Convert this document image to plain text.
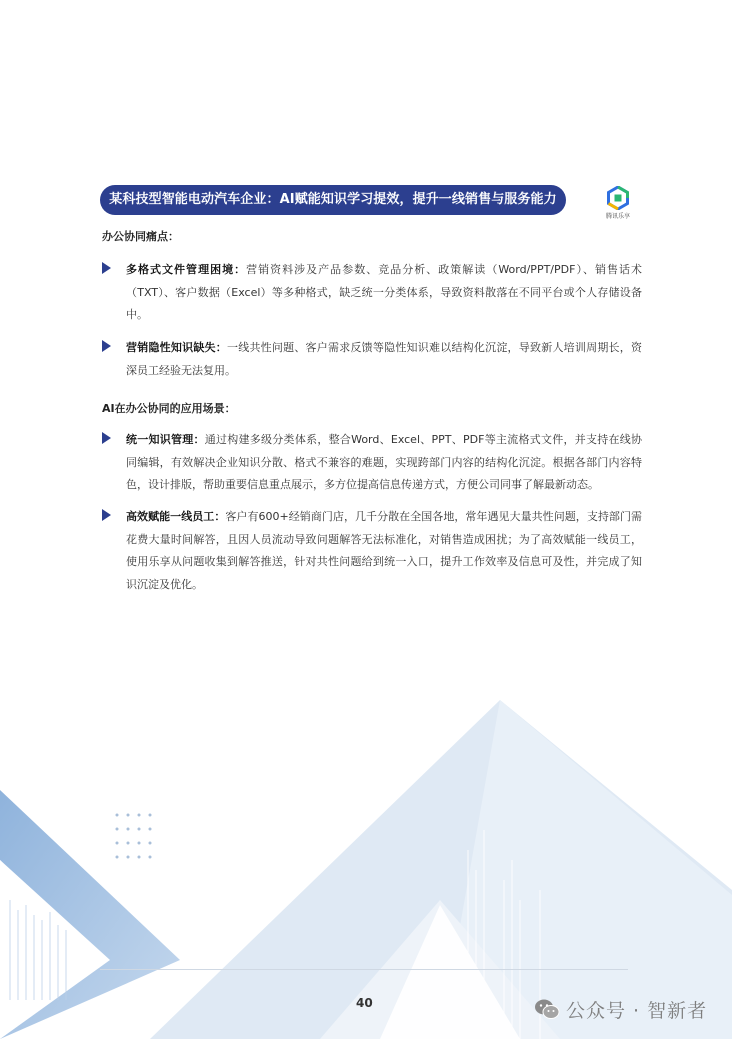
某科技型智能电动汽车企业：AI赋能知识学习提效，提升一线销售与服务能力
腾讯乐享
办公协同痛点：
多格式文件管理困境：营销资料涉及产品参数、竞品分析、政策解读（Word/PPT/PDF）、销售话术（TXT）、客户数据（Excel）等多种格式，缺乏统一分类体系，导致资料散落在不同平台或个人存储设备中。
营销隐性知识缺失：一线共性问题、客户需求反馈等隐性知识难以结构化沉淀，导致新人培训周期长，资深员工经验无法复用。
AI在办公协同的应用场景：
统一知识管理：通过构建多级分类体系，整合Word、Excel、PPT、PDF等主流格式文件，并支持在线协同编辑，有效解决企业知识分散、格式不兼容的难题，实现跨部门内容的结构化沉淀。根据各部门内容特色，设计排版，帮助重要信息重点展示，多方位提高信息传递方式，方便公司同事了解最新动态。
高效赋能一线员工：客户有600+经销商门店，几千分散在全国各地，常年遇见大量共性问题，支持部门需花费大量时间解答，且因人员流动导致问题解答无法标准化，对销售造成困扰；为了高效赋能一线员工，使用乐享从问题收集到解答推送，针对共性问题给到统一入口，提升工作效率及信息可及性，并完成了知识沉淀及优化。
40	公众号 · 智新者
